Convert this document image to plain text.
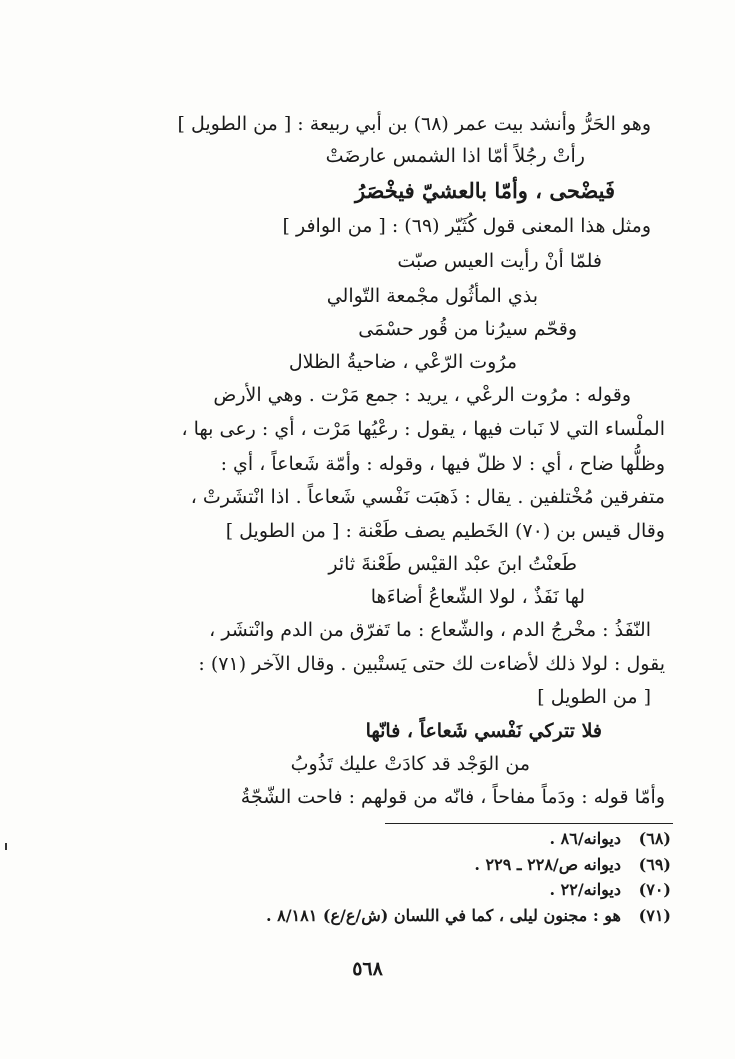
وهو الحَرُّ وأنشد بيت عمر (٦٨) بن أبي ربيعة : [ من الطويل ]
رأتْ رجُلاً أمّا اذا الشمس عارضَتْ
فَيضْحى ، وأمّا بالعشيّ فيخْصَرُ
ومثل هذا المعنى قول كُثَيّر (٦٩) : [ من الوافر ]
فلمّا أنْ رأيت العيس صبّت
بذي المأثُول مجْمعة التّوالي
وقحّم سيرُنا من قُور حسْمَى
مرُوت الرّعْي ، ضاحيةُ الظلال
وقوله : مرُوت الرعْي ، يريد : جمع مَرْت . وهي الأرض
الملْساء التي لا نَبات فيها ، يقول : رعْيُها مَرْت ، أي : رعى بها ،
وظلُّها ضاح ، أي : لا ظلّ فيها ، وقوله : وأمّة شَعاعاً ، أي :
متفرقين مُخْتلفين . يقال : ذَهبَت نَفْسي شَعاعاً . اذا انْتشَرتْ ،
وقال قيس بن (٧٠) الخَطيم يصف طَعْنة : [ من الطويل ]
طَعنْتُ ابنَ عبْد القيْس طَعْنةَ ثائر
لها نَفَذٌ ، لولا الشّعاعُ أضاءَها
النّفَذُ : مخْرجُ الدم ، والشّعاع : ما تَفرّق من الدم وانْتشَر ،
يقول : لولا ذلك لأضاءت لك حتى يَستْبين . وقال الآخر (٧١) :
[ من الطويل ]
فلا تتركي نَفْسي شَعاعاً ، فانّها
من الوَجْد قد كادَتْ عليك تَذُوبُ
وأمّا قوله : ودَماً مفاحاً ، فانّه من قولهم : فاحت الشّجّةُ
(٦٨)ديوانه/٨٦ .
(٦٩)ديوانه ص/٢٢٨ ـ ٢٢٩ .
(٧٠)ديوانه/٢٢ .
(٧١)هو : مجنون ليلى ، كما في اللسان (ش/ع/ع) ٨/١٨١ .
٥٦٨
